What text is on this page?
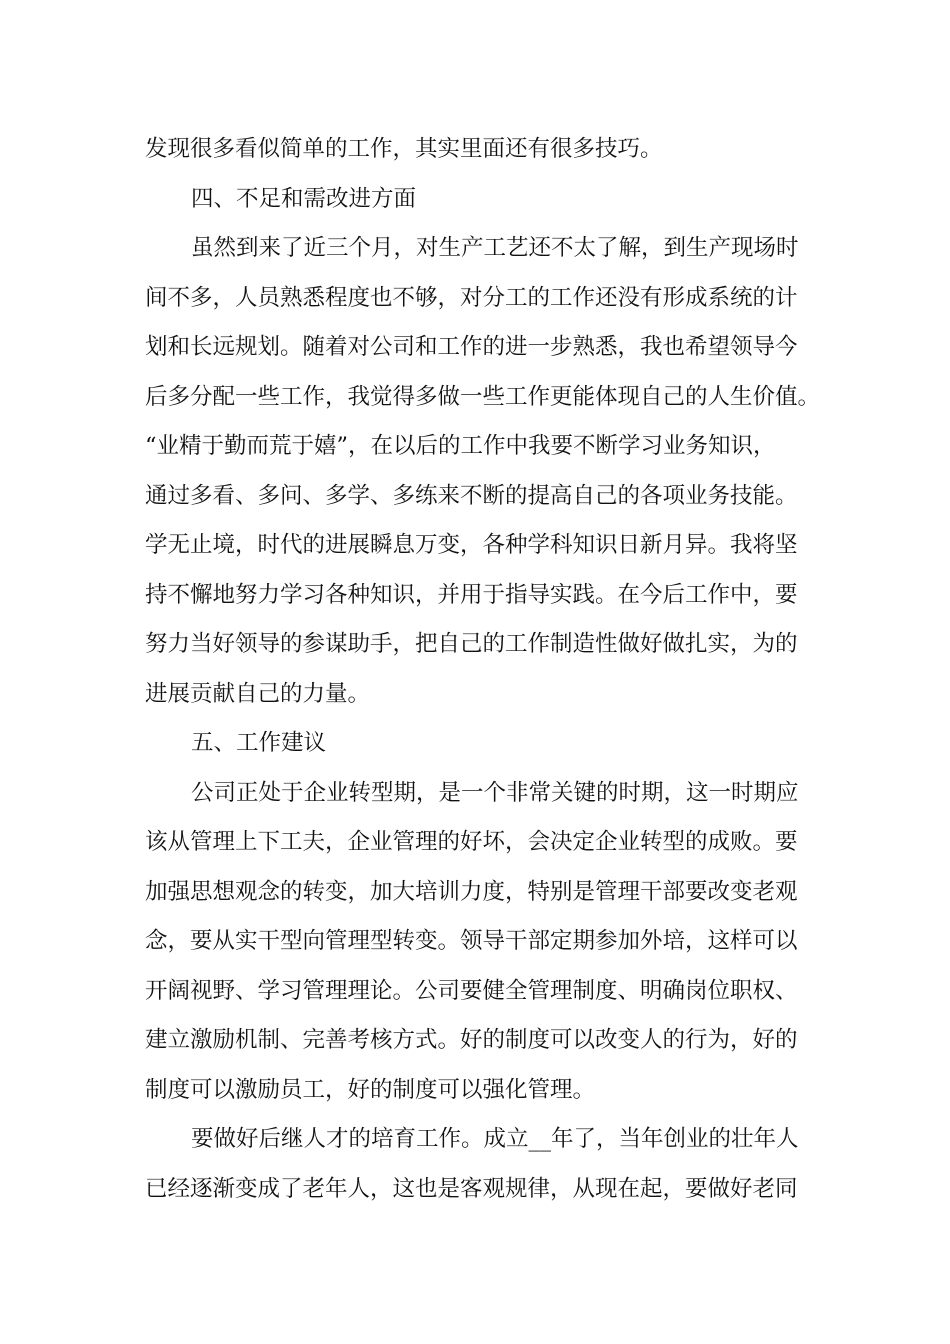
发现很多看似简单的工作，其实里面还有很多技巧。
四、不足和需改进方面
虽然到来了近三个月，对生产工艺还不太了解，到生产现场时
间不多，人员熟悉程度也不够，对分工的工作还没有形成系统的计
划和长远规划。随着对公司和工作的进一步熟悉，我也希望领导今
后多分配一些工作，我觉得多做一些工作更能体现自己的人生价值。
“业精于勤而荒于嬉”，在以后的工作中我要不断学习业务知识，
通过多看、多问、多学、多练来不断的提高自己的各项业务技能。
学无止境，时代的进展瞬息万变，各种学科知识日新月异。我将坚
持不懈地努力学习各种知识，并用于指导实践。在今后工作中，要
努力当好领导的参谋助手，把自己的工作制造性做好做扎实，为的
进展贡献自己的力量。
五、工作建议
公司正处于企业转型期，是一个非常关键的时期，这一时期应
该从管理上下工夫，企业管理的好坏，会决定企业转型的成败。要
加强思想观念的转变，加大培训力度，特别是管理干部要改变老观
念，要从实干型向管理型转变。领导干部定期参加外培，这样可以
开阔视野、学习管理理论。公司要健全管理制度、明确岗位职权、
建立激励机制、完善考核方式。好的制度可以改变人的行为，好的
制度可以激励员工，好的制度可以强化管理。
要做好后继人才的培育工作。成立__年了，当年创业的壮年人
已经逐渐变成了老年人，这也是客观规律，从现在起，要做好老同
